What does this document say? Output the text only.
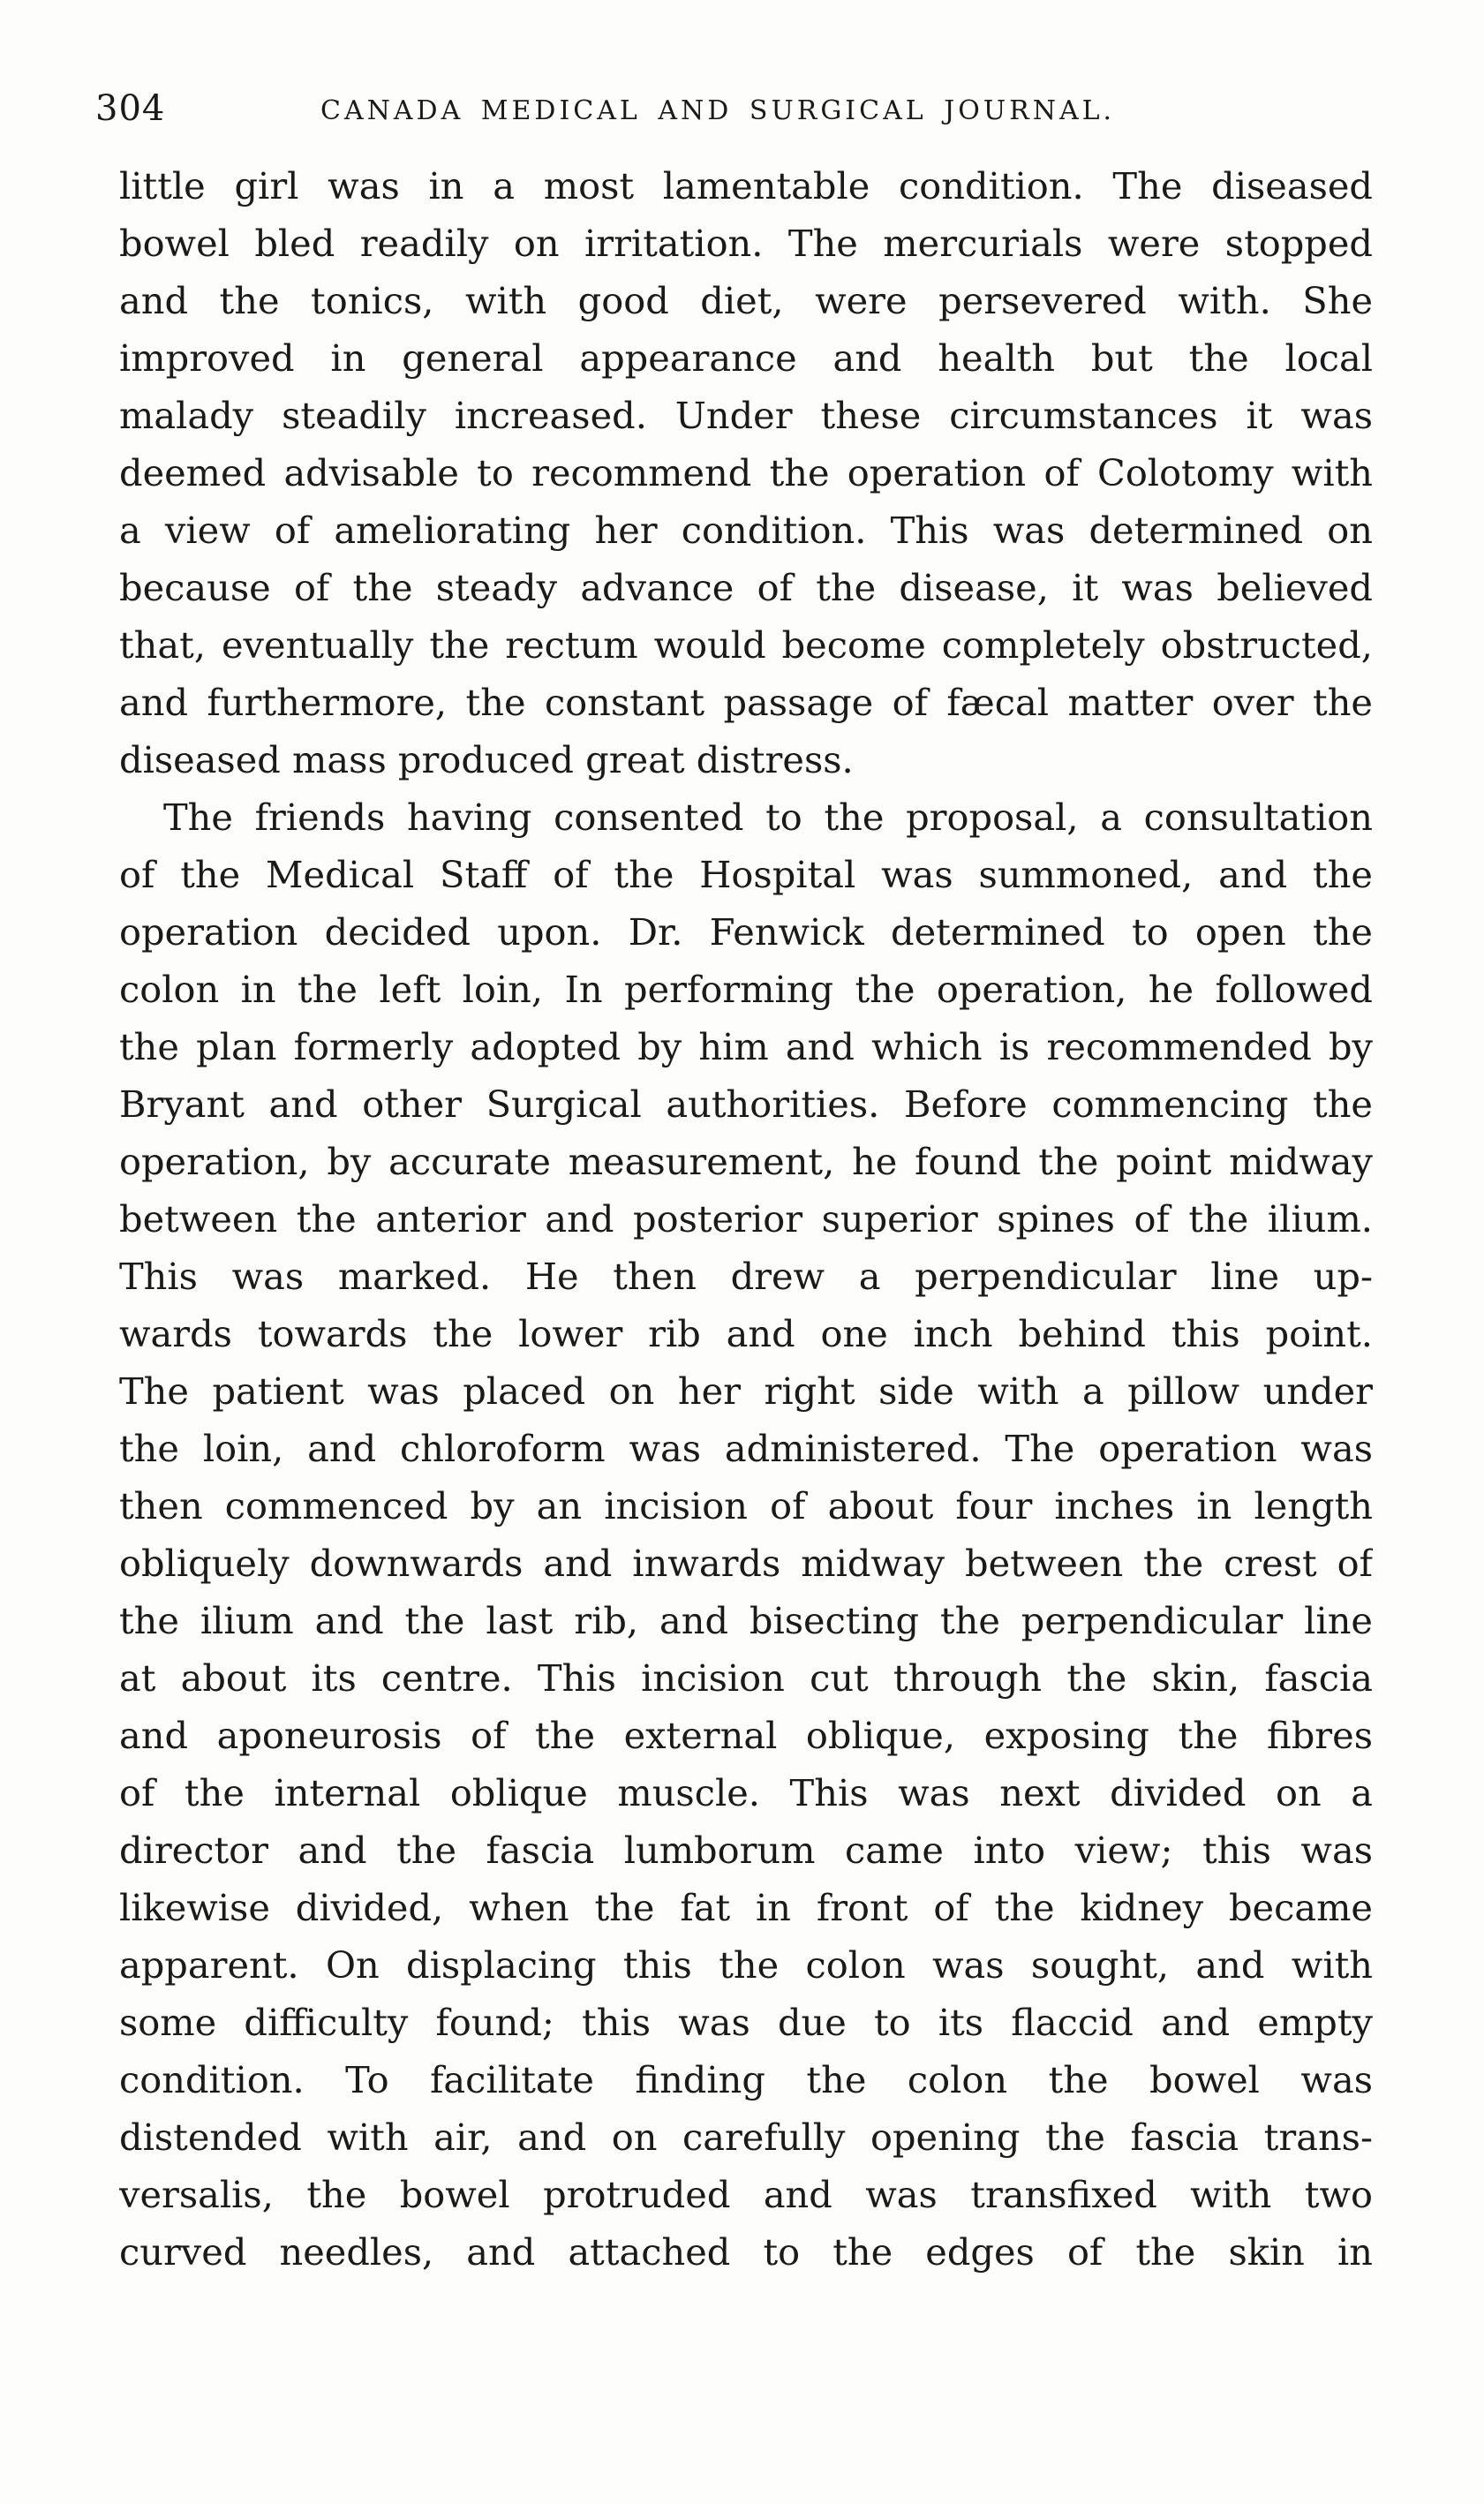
304	CANADA MEDICAL AND SURGICAL JOURNAL.
little girl was in a most lamentable condition. The diseased
bowel bled readily on irritation. The mercurials were stopped
and the tonics, with good diet, were persevered with. She
improved in general appearance and health but the local
malady steadily increased. Under these circumstances it was
deemed advisable to recommend the operation of Colotomy with
a view of ameliorating her condition. This was determined on
because of the steady advance of the disease, it was believed
that, eventually the rectum would become completely obstructed,
and furthermore, the constant passage of fæcal matter over the
diseased mass produced great distress.
The friends having consented to the proposal, a consultation
of the Medical Staff of the Hospital was summoned, and the
operation decided upon. Dr. Fenwick determined to open the
colon in the left loin, In performing the operation, he followed
the plan formerly adopted by him and which is recommended by
Bryant and other Surgical authorities. Before commencing the
operation, by accurate measurement, he found the point midway
between the anterior and posterior superior spines of the ilium.
This was marked. He then drew a perpendicular line up-
wards towards the lower rib and one inch behind this point.
The patient was placed on her right side with a pillow under
the loin, and chloroform was administered. The operation was
then commenced by an incision of about four inches in length
obliquely downwards and inwards midway between the crest of
the ilium and the last rib, and bisecting the perpendicular line
at about its centre. This incision cut through the skin, fascia
and aponeurosis of the external oblique, exposing the fibres
of the internal oblique muscle. This was next divided on a
director and the fascia lumborum came into view; this was
likewise divided, when the fat in front of the kidney became
apparent. On displacing this the colon was sought, and with
some difficulty found; this was due to its flaccid and empty
condition. To facilitate finding the colon the bowel was
distended with air, and on carefully opening the fascia trans-
versalis, the bowel protruded and was transfixed with two
curved needles, and attached to the edges of the skin in
